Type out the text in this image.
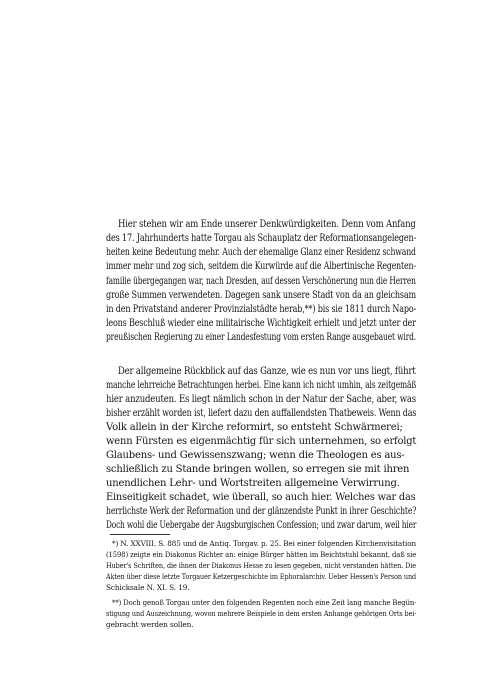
Hier stehen wir am Ende unserer Denkwürdigkeiten. Denn vom Anfang
des 17. Jahrhunderts hatte Torgau als Schauplatz der Reformationsangelegen-
heiten keine Bedeutung mehr. Auch der ehemalige Glanz einer Residenz schwand
immer mehr und zog sich, seitdem die Kurwürde auf die Albertinische Regenten-
familie übergegangen war, nach Dresden, auf dessen Verschönerung nun die Herren
große Summen verwendeten. Dagegen sank unsere Stadt von da an gleichsam
in den Privatstand anderer Provinzialstädte herab,**) bis sie 1811 durch Napo-
leons Beschluß wieder eine militairische Wichtigkeit erhielt und jetzt unter der
preußischen Regierung zu einer Landesfestung vom ersten Range ausgebauet wird.
Der allgemeine Rückblick auf das Ganze, wie es nun vor uns liegt, führt
manche lehrreiche Betrachtungen herbei. Eine kann ich nicht umhin, als zeitgemäß
hier anzudeuten. Es liegt nämlich schon in der Natur der Sache, aber, was
bisher erzählt worden ist, liefert dazu den auffallendsten Thatbeweis. Wenn das
Volk allein in der Kirche reformirt, so entsteht Schwärmerei;
wenn Fürsten es eigenmächtig für sich unternehmen, so erfolgt
Glaubens- und Gewissenszwang; wenn die Theologen es aus-
schließlich zu Stande bringen wollen, so erregen sie mit ihren
unendlichen Lehr- und Wortstreiten allgemeine Verwirrung.
Einseitigkeit schadet, wie überall, so auch hier. Welches war das
herrlichste Werk der Reformation und der glänzendste Punkt in ihrer Geschichte?
Doch wohl die Uebergabe der Augsburgischen Confession; und zwar darum, weil hier
*) N. XXVIII. S. 885 und de Antiq. Torgav. p. 25. Bei einer folgenden Kirchenvisitation
(1598) zeigte ein Diakonus Richter an: einige Bürger hätten im Beichtstuhl bekannt, daß sie
Huber's Schriften, die ihnen der Diakonus Hesse zu lesen gegeben, nicht verstanden hätten. Die
Akten über diese letzte Torgauer Ketzergeschichte im Ephoralarchiv. Ueber Hessen's Person und
Schicksale N. XI. S. 19.
**) Doch genoß Torgau unter den folgenden Regenten noch eine Zeit lang manche Begün-
stigung und Auszeichnung, wovon mehrere Beispiele in dem ersten Anhange gehörigen Orts bei-
gebracht werden sollen.
